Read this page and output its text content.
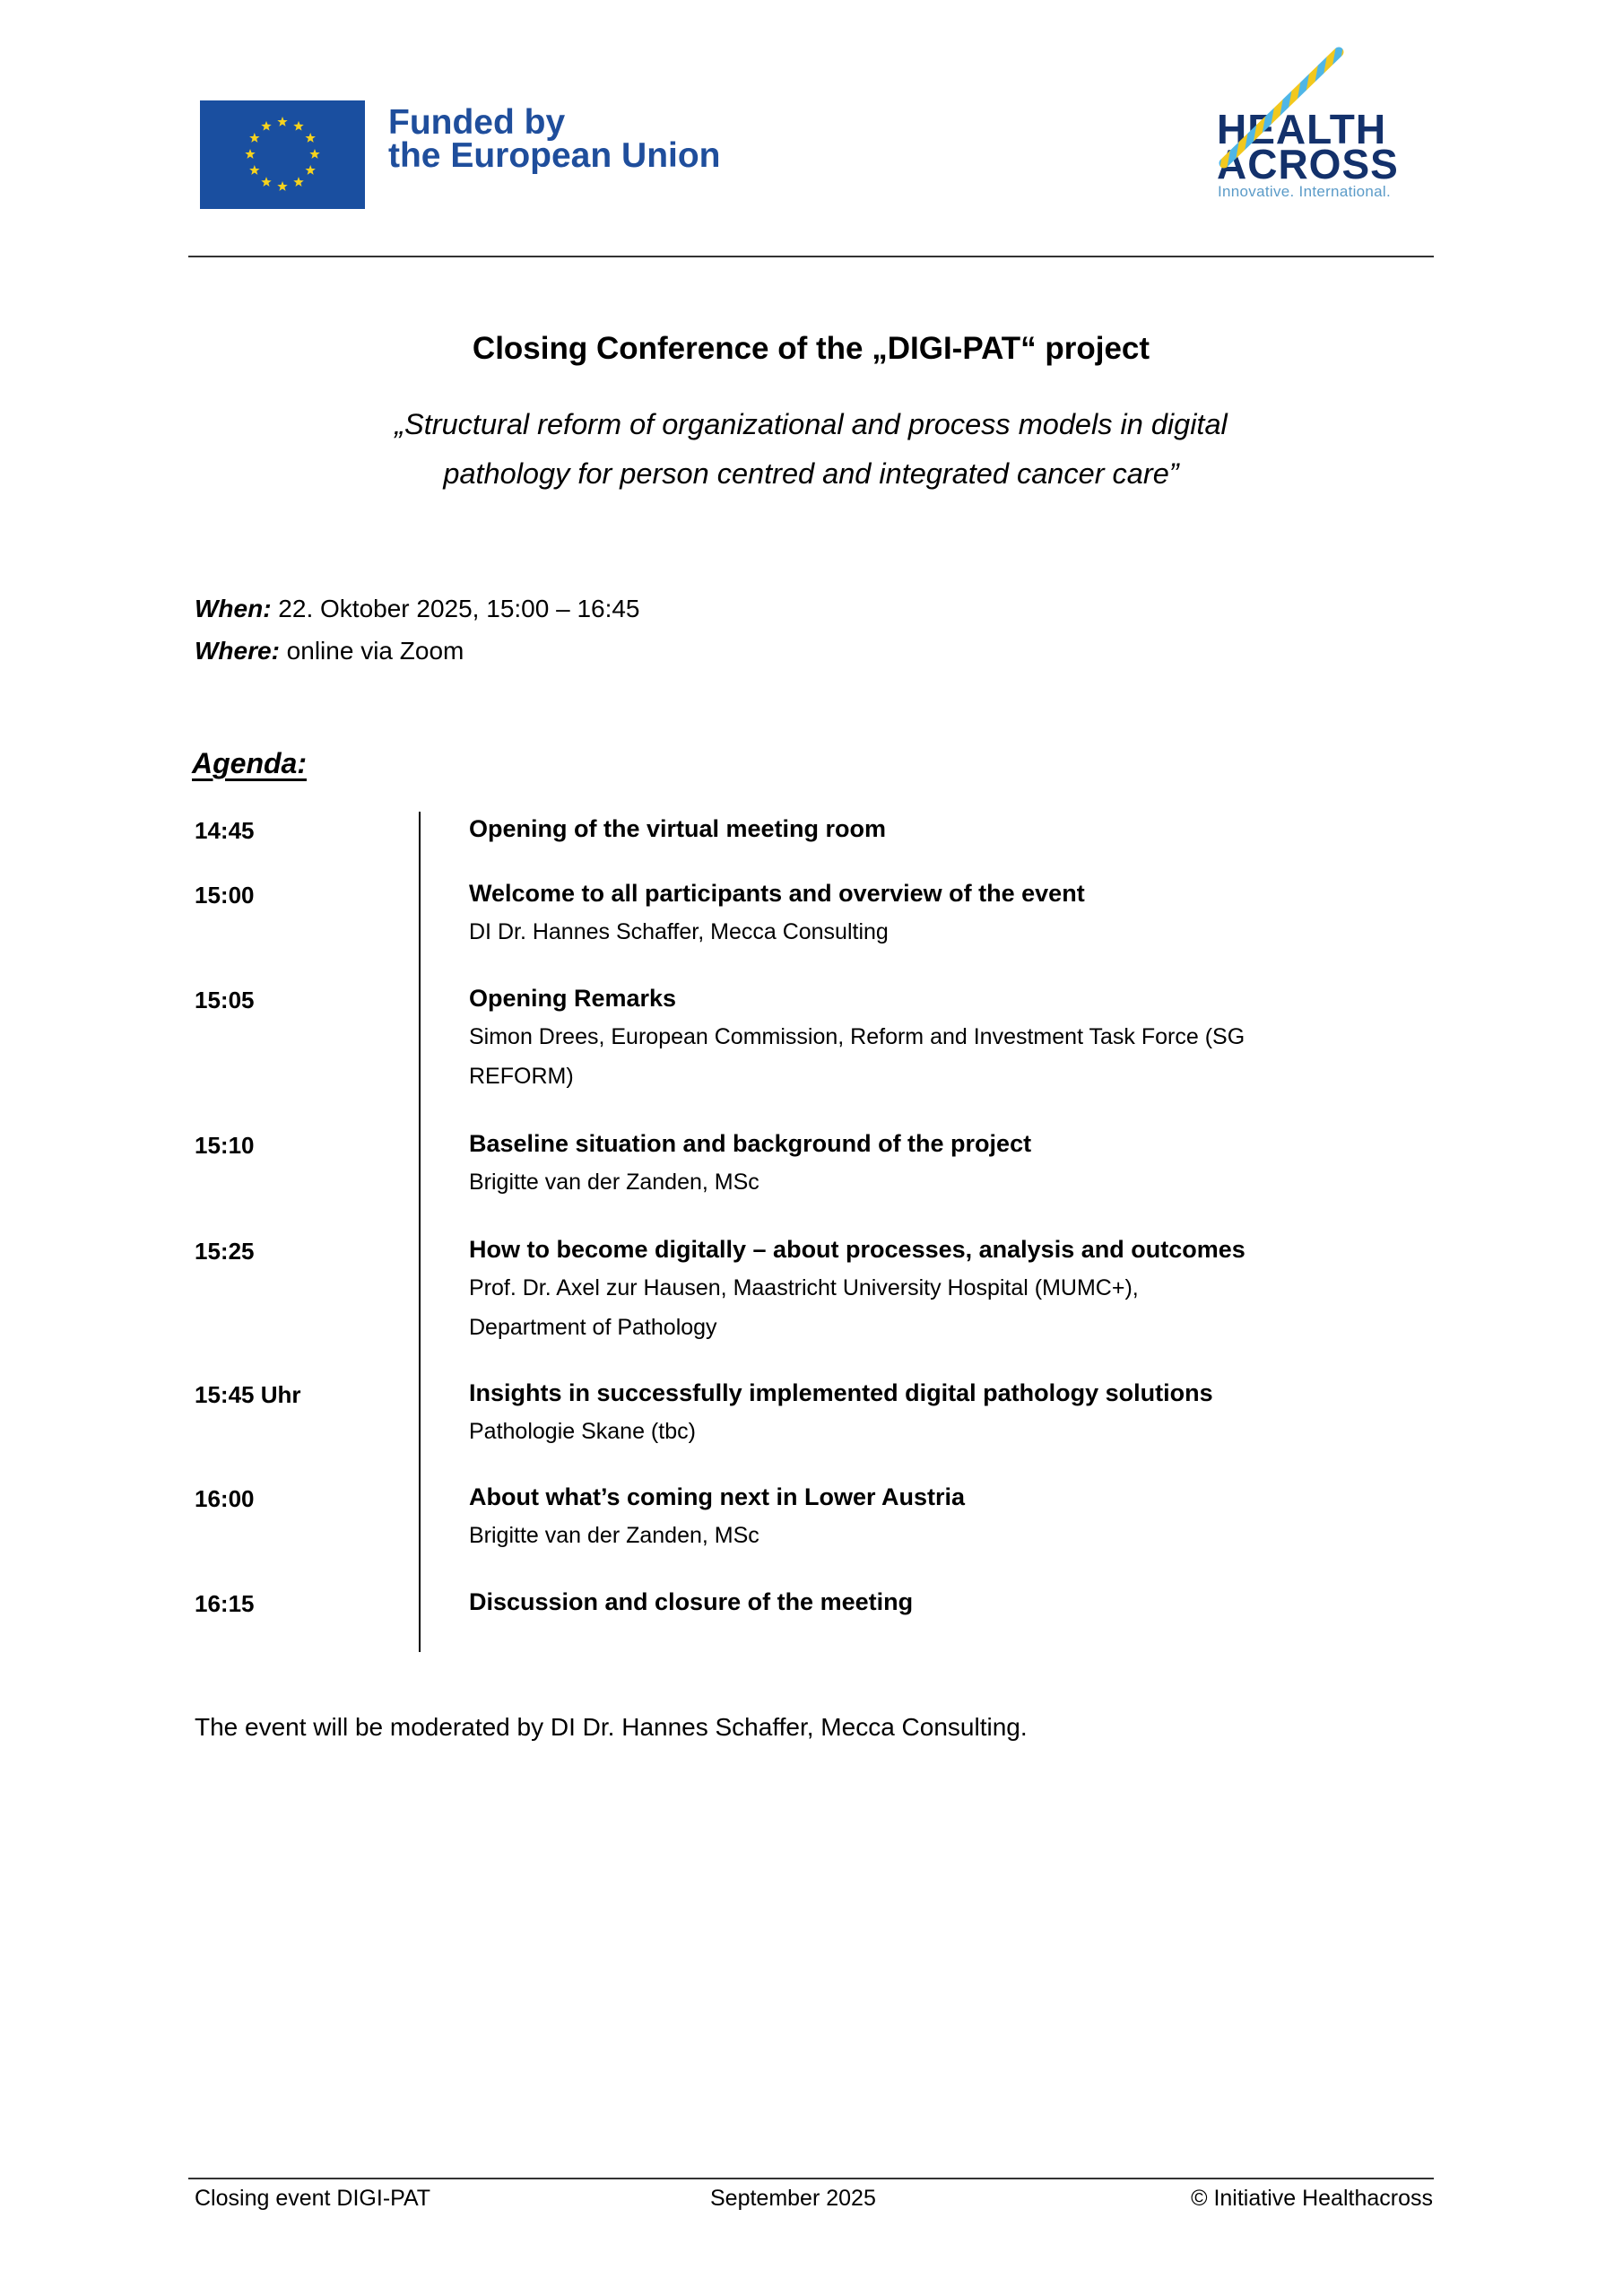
Funded by
the European Union
HEALTH
ACROSS
Innovative. International.
Closing Conference of the „DIGI-PAT“ project
„Structural reform of organizational and process models in digital
pathology for person centred and integrated cancer care”
When: 22. Oktober 2025, 15:00 – 16:45
Where: online via Zoom
Agenda:
14:45	Opening of the virtual meeting room
15:00	Welcome to all participants and overview of the event
DI Dr. Hannes Schaffer, Mecca Consulting
15:05	Opening Remarks
Simon Drees, European Commission, Reform and Investment Task Force (SG
REFORM)
15:10	Baseline situation and background of the project
Brigitte van der Zanden, MSc
15:25	How to become digitally – about processes, analysis and outcomes
Prof. Dr. Axel zur Hausen, Maastricht University Hospital (MUMC+),
Department of Pathology
15:45 Uhr	Insights in successfully implemented digital pathology solutions
Pathologie Skane (tbc)
16:00	About what’s coming next in Lower Austria
Brigitte van der Zanden, MSc
16:15	Discussion and closure of the meeting
The event will be moderated by DI Dr. Hannes Schaffer, Mecca Consulting.
Closing event DIGI-PAT	September 2025	© Initiative Healthacross
